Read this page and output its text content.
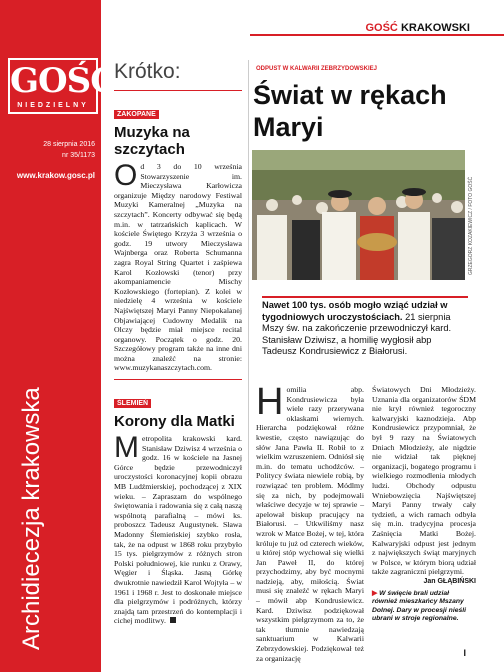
GOŚĆ
NIEDZIELNY
28 sierpnia 2016
nr 35/1173
www.krakow.gosc.pl
Archidiecezja krakowska
GOŚĆ KRAKOWSKI
Krótko:
ZAKOPANE
Muzyka na szczytach
Od 3 do 10 września Stowarzyszenie im. Mieczysława Karłowicza organizuje Między narodowy Festiwal Muzyki Kameralnej „Muzyka na szczytach”. Koncerty odbywać się będą m.in. w tatrzańskich kaplicach. W kościele Świętego Krzyża 3 września o godz. 19 utwory Mieczysława Wajnberga oraz Roberta Schumanna zagra Royal String Quartet i zaśpiewa Karol Kozłowski (tenor) przy akompaniamencie Mischy Kozłowskiego (fortepian). Z kolei w niedzielę 4 września w kościele Najświętszej Maryi Panny Niepokalanej Objawiającej Cudowny Medalik na Olczy będzie miał miejsce recital organowy. Początek o godz. 20. Szczegółowy program także na inne dni można znaleźć na stronie: www.muzykanaszczytach.com.
ŚLEMIEŃ
Korony dla Matki
Metropolita krakowski kard. Stanisław Dziwisz 4 września o godz. 16 w kościele na Jasnej Górce będzie przewodniczył uroczystości koronacyjnej kopii obrazu MB Ludźmierskiej, pochodzącej z XIX wieku. – Zapraszam do wspólnego świętowania i radowania się z całą naszą wspólnotą parafialną – mówi ks. proboszcz Tadeusz Augustynek. Sława Madonny Ślemieńskiej szybko rosła, tak, że na odpust w 1868 roku przybyło 15 tys. pielgrzymów z różnych stron Polski południowej, kie runku z Orawy, Węgier i Śląska. Jasną Górkę dwukrotnie nawiedził Karol Wojtyła – w 1961 i 1968 r. Jest to doskonałe miejsce dla pielgrzymów i podróżnych, którzy znajdą tam przestrzeń do kontemplacji i cichej modlitwy.
ODPUST W KALWARII ZEBRZYDOWSKIEJ
Świat w rękach Maryi
GRZEGORZ KOZAKIEWICZ / FOTO GOŚĆ
Nawet 100 tys. osób mogło wziąć udział w tygodniowych uroczystościach. 21 sierpnia Mszy św. na zakończenie przewodniczył kard. Stanisław Dziwisz, a homilię wygłosił abp Tadeusz Kondrusiewicz z Białorusi.
Homilia abp. Kondrusiewicza była wiele razy przerywana oklaskami wiernych. Hierarcha podziękował różne kwestie, często nawiązując do słów Jana Pawła II. Robił to z wielkim wzruszeniem. Odniósł się m.in. do tematu uchodźców. – Politycy świata niewiele robią, by rozwiązać ten problem. Módlmy się za nich, by podejmowali właściwe decyzje w tej sprawie – apelował biskup pracujący na Białorusi. – Utkwiliśmy nasz wzrok w Matce Bożej, w tej, która króluje tu już od czterech wieków, u której stóp wychował się wielki Jan Paweł II, do której przychodzimy, aby być mocnymi nadzieją, aby, miłością. Świat musi się znaleźć w rękach Maryi – mówił abp Kondrusiewicz. Kard. Dziwisz podziękował wszystkim pielgrzymom za to, że tak tłumnie nawiedzają sanktuarium w Kalwarii Zebrzydowskiej. Podziękował też za organizację
Światowych Dni Młodzieży. Uznania dla organizatorów ŚDM nie krył również tegoroczny kalwaryjski kaznodzieja. Abp Kondrusiewicz przypomniał, że był 9 razy na Światowych Dniach Młodzieży, ale nigdzie nie widział tak pięknej organizacji, bogatego programu i wielkiego rozmodlenia młodych ludzi. Obchody odpustu Wniebowzięcia Najświętszej Maryi Panny trwały cały tydzień, a wich ramach odbyła się m.in. tradycyjna procesja Zaśnięcia Matki Bożej. Kalwaryjski odpust jest jednym z największych świąt maryjnych w Polsce, w którym biorą udział także zagraniczni pielgrzymi.
Jan GŁĄBIŃSKI
▶ W święcie brali udział również mieszkańcy Mszany Dolnej. Dary w procesji nieśli ubrani w stroje regionalne.
I
